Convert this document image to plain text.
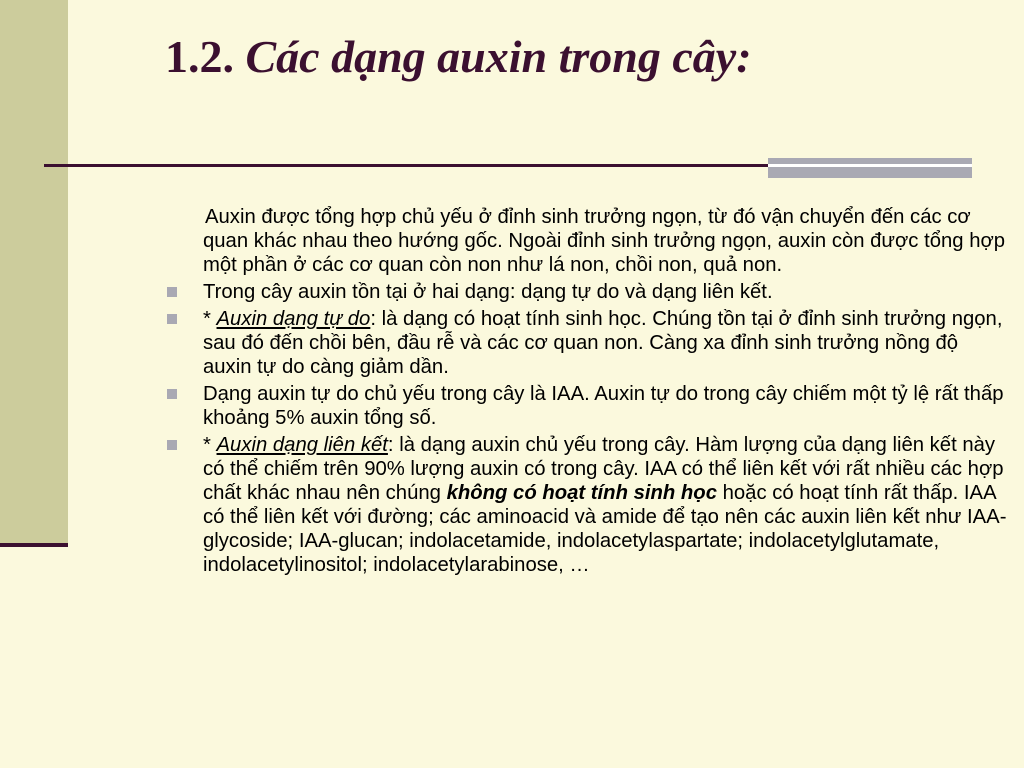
1.2. Các dạng auxin trong cây:

Auxin được tổng hợp chủ yếu ở đỉnh sinh trưởng ngọn, từ đó vận chuyển đến các cơ quan khác nhau theo hướng gốc. Ngoài đỉnh sinh trưởng ngọn, auxin còn được tổng hợp một phần ở các cơ quan còn non như lá non, chồi non, quả non.

Trong cây auxin tồn tại ở hai dạng: dạng tự do và dạng liên kết.
* Auxin dạng tự do: là dạng có hoạt tính sinh học. Chúng tồn tại ở đỉnh sinh trưởng ngọn, sau đó đến chồi bên, đầu rễ và các cơ quan non. Càng xa đỉnh sinh trưởng nồng độ auxin tự do càng giảm dần.
Dạng auxin tự do chủ yếu trong cây là IAA. Auxin tự do trong cây chiếm một tỷ lệ rất thấp khoảng 5% auxin tổng số.
* Auxin dạng liên kết: là dạng auxin chủ yếu trong cây. Hàm lượng của dạng liên kết này có thể chiếm trên 90% lượng auxin có trong cây. IAA có thể liên kết với rất nhiều các hợp chất khác nhau nên chúng không có hoạt tính sinh học hoặc có hoạt tính rất thấp. IAA có thể liên kết với đường; các aminoacid và amide để tạo nên các auxin liên kết như IAA-glycoside; IAA-glucan; indolacetamide, indolacetylaspartate; indolacetylglutamate, indolacetylinositol; indolacetylarabinose, …
